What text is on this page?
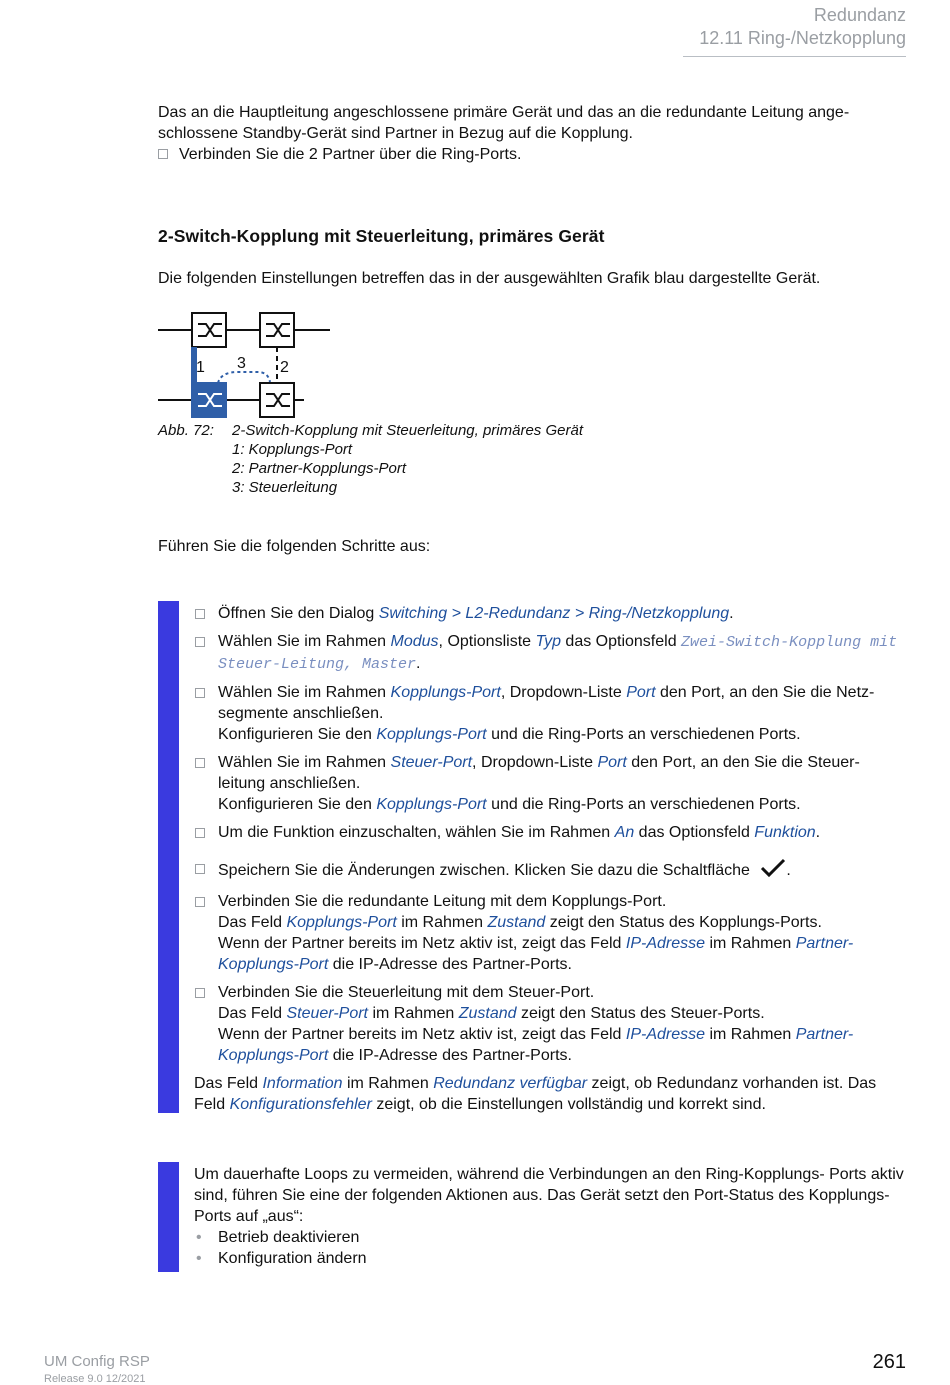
Redundanz
12.11 Ring-/Netzkopplung
Das an die Hauptleitung angeschlossene primäre Gerät und das an die redundante Leitung ange- schlossene Standby-Gerät sind Partner in Bezug auf die Kopplung.
Verbinden Sie die 2 Partner über die Ring-Ports.
2-Switch-Kopplung mit Steuerleitung, primäres Gerät
Die folgenden Einstellungen betreffen das in der ausgewählten Grafik blau dargestellte Gerät.
1 3 2
Abb. 72:	2-Switch-Kopplung mit Steuerleitung, primäres Gerät
1: Kopplungs-Port
2: Partner-Kopplungs-Port
3: Steuerleitung
Führen Sie die folgenden Schritte aus:
Öffnen Sie den Dialog Switching > L2-Redundanz > Ring-/Netzkopplung.
Wählen Sie im Rahmen Modus, Optionsliste Typ das Optionsfeld Zwei-Switch-Kopplung mit Steuer-Leitung, Master.
Wählen Sie im Rahmen Kopplungs-Port, Dropdown-Liste Port den Port, an den Sie die Netz- segmente anschließen.
Konfigurieren Sie den Kopplungs-Port und die Ring-Ports an verschiedenen Ports.
Wählen Sie im Rahmen Steuer-Port, Dropdown-Liste Port den Port, an den Sie die Steuer- leitung anschließen.
Konfigurieren Sie den Kopplungs-Port und die Ring-Ports an verschiedenen Ports.
Um die Funktion einzuschalten, wählen Sie im Rahmen An das Optionsfeld Funktion.
Speichern Sie die Änderungen zwischen. Klicken Sie dazu die Schaltfläche .
Verbinden Sie die redundante Leitung mit dem Kopplungs-Port.
Das Feld Kopplungs-Port im Rahmen Zustand zeigt den Status des Kopplungs-Ports.
Wenn der Partner bereits im Netz aktiv ist, zeigt das Feld IP-Adresse im Rahmen Partner- Kopplungs-Port die IP-Adresse des Partner-Ports.
Verbinden Sie die Steuerleitung mit dem Steuer-Port.
Das Feld Steuer-Port im Rahmen Zustand zeigt den Status des Steuer-Ports.
Wenn der Partner bereits im Netz aktiv ist, zeigt das Feld IP-Adresse im Rahmen Partner- Kopplungs-Port die IP-Adresse des Partner-Ports.
Das Feld Information im Rahmen Redundanz verfügbar zeigt, ob Redundanz vorhanden ist. Das Feld Konfigurationsfehler zeigt, ob die Einstellungen vollständig und korrekt sind.
Um dauerhafte Loops zu vermeiden, während die Verbindungen an den Ring-Kopplungs- Ports aktiv sind, führen Sie eine der folgenden Aktionen aus. Das Gerät setzt den Port-Status des Kopplungs-Ports auf „aus“:
• Betrieb deaktivieren
• Konfiguration ändern
UM Config RSP
Release 9.0 12/2021
261
